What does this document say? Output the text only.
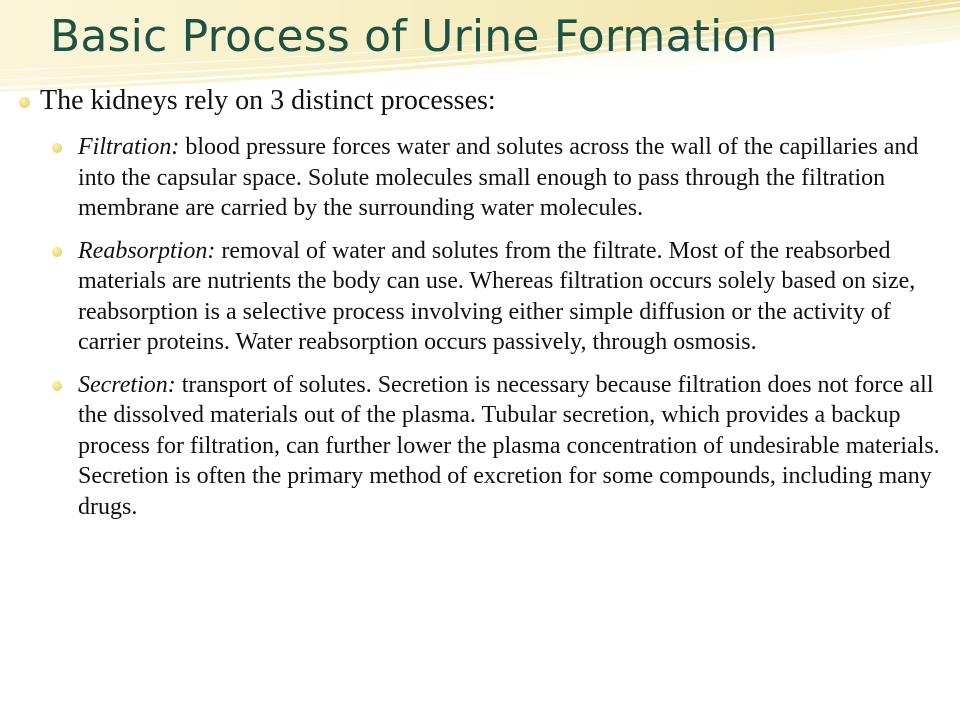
Basic Process of Urine Formation

The kidneys rely on 3 distinct processes:

Filtration: blood pressure forces water and solutes across the wall of the capillaries and into the capsular space. Solute molecules small enough to pass through the filtration membrane are carried by the surrounding water molecules.
Reabsorption: removal of water and solutes from the filtrate. Most of the reabsorbed materials are nutrients the body can use. Whereas filtration occurs solely based on size, reabsorption is a selective process involving either simple diffusion or the activity of carrier proteins. Water reabsorption occurs passively, through osmosis.
Secretion: transport of solutes. Secretion is necessary because filtration does not force all the dissolved materials out of the plasma. Tubular secretion, which provides a backup process for filtration, can further lower the plasma concentration of undesirable materials. Secretion is often the primary method of excretion for some compounds, including many drugs.
